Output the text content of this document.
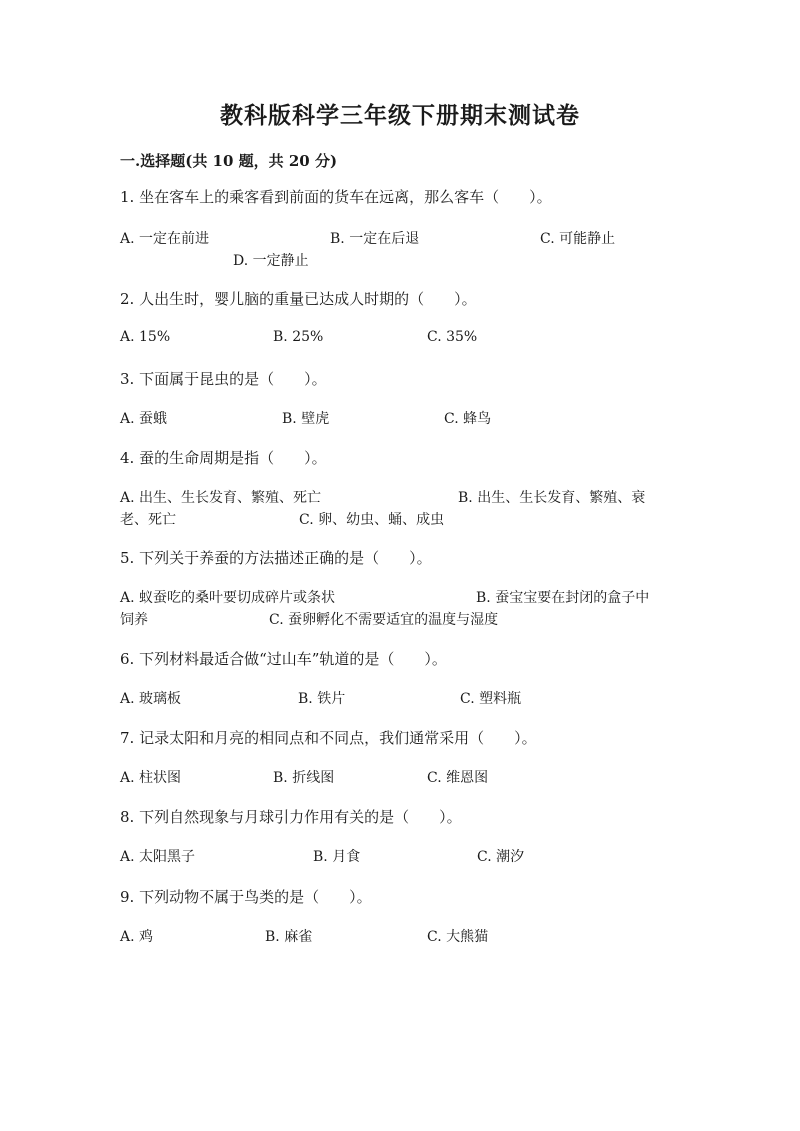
教科版科学三年级下册期末测试卷
一.选择题(共 10 题，共 20 分)
1. 坐在客车上的乘客看到前面的货车在远离，那么客车（　　）。
A. 一定在前进	B. 一定在后退	C. 可能静止
D. 一定静止
2. 人出生时，婴儿脑的重量已达成人时期的（　　）。
A. 15%	B. 25%	C. 35%
3. 下面属于昆虫的是（　　）。
A. 蚕蛾	B. 壁虎	C. 蜂鸟
4. 蚕的生命周期是指（　　）。
A. 出生、生长发育、繁殖、死亡	B. 出生、生长发育、繁殖、衰
老、死亡	C. 卵、幼虫、蛹、成虫
5. 下列关于养蚕的方法描述正确的是（　　）。
A. 蚁蚕吃的桑叶要切成碎片或条状	B. 蚕宝宝要在封闭的盒子中
饲养	C. 蚕卵孵化不需要适宜的温度与湿度
6. 下列材料最适合做“过山车”轨道的是（　　）。
A. 玻璃板	B. 铁片	C. 塑料瓶
7. 记录太阳和月亮的相同点和不同点，我们通常采用（　　）。
A. 柱状图	B. 折线图	C. 维恩图
8. 下列自然现象与月球引力作用有关的是（　　）。
A. 太阳黑子	B. 月食	C. 潮汐
9. 下列动物不属于鸟类的是（　　）。
A. 鸡	B. 麻雀	C. 大熊猫
